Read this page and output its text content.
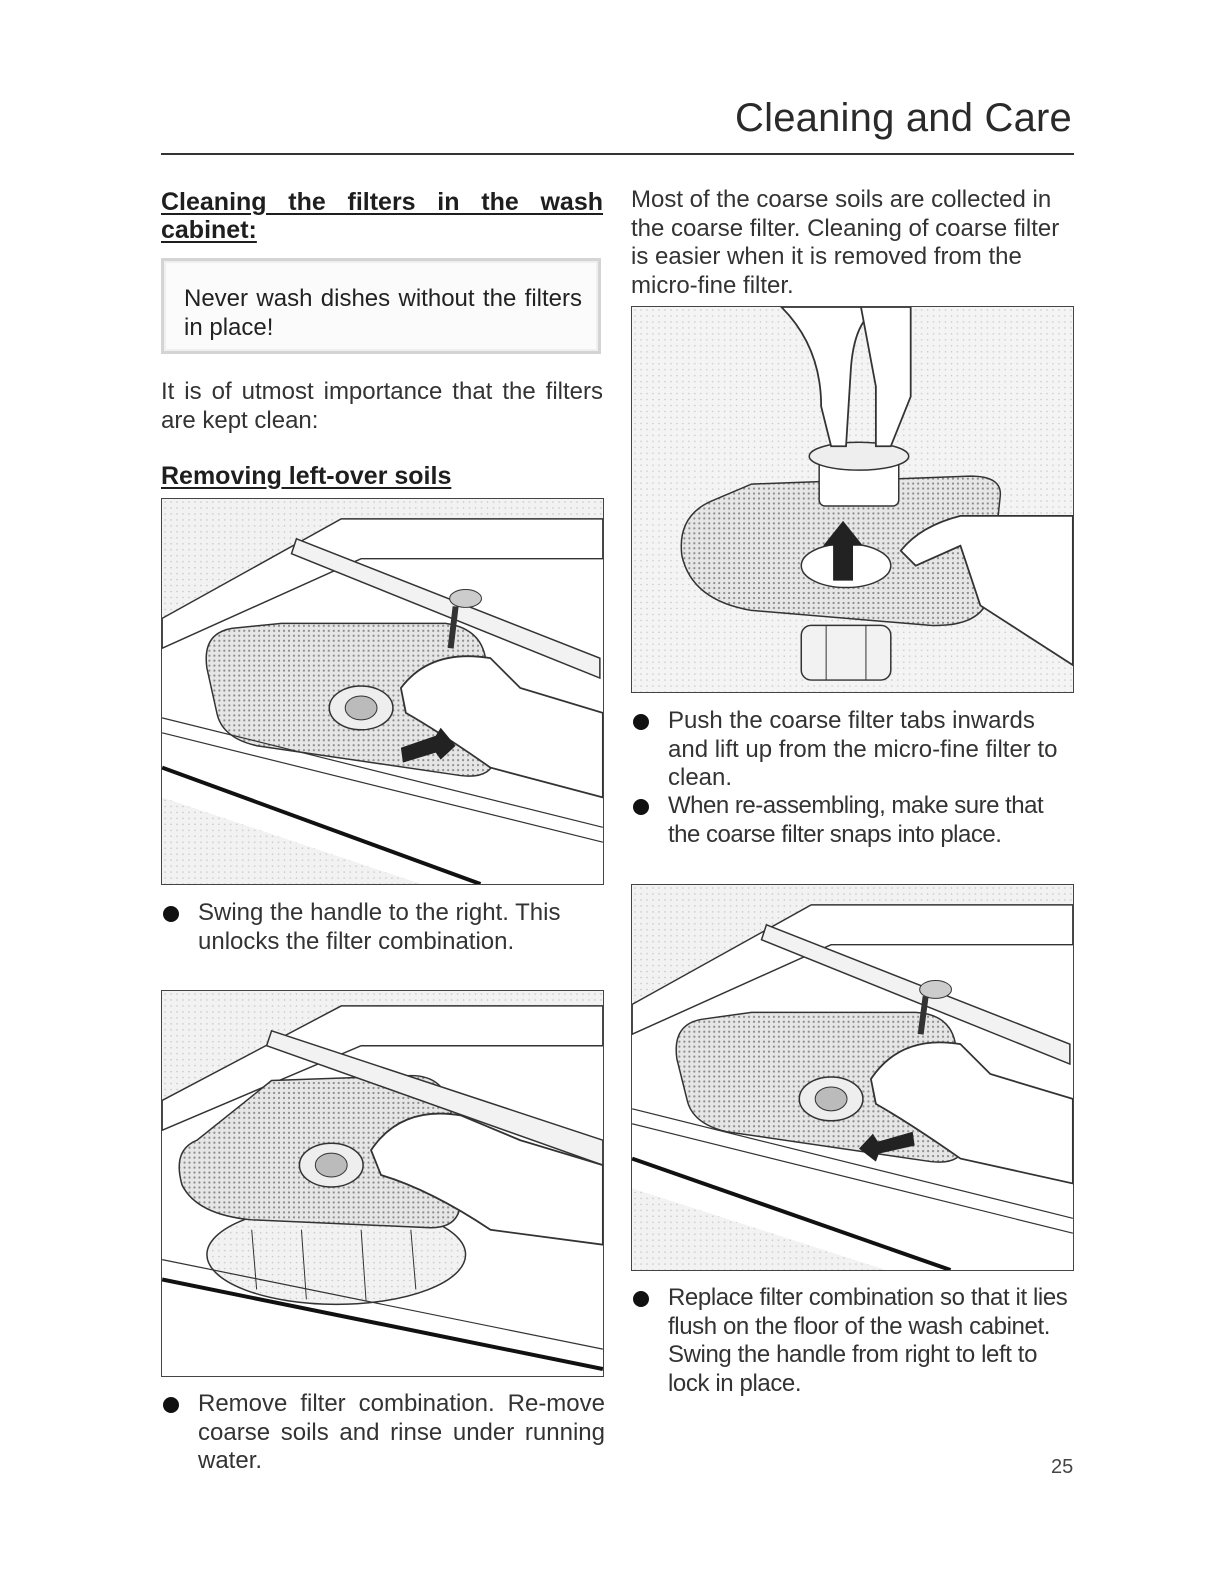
Cleaning and Care
Cleaning the filters in the wash cabinet:
Never wash dishes without the filters in place!
It is of utmost importance that the filters are kept clean:
Removing left-over soils
Swing the handle to the right. This unlocks the filter combination.
Remove filter combination. Re-move coarse soils and rinse under running water.
Most of the coarse soils are collected in the coarse filter. Cleaning of coarse filter is easier when it is removed from the micro-fine filter.
Push the coarse filter tabs inwards and lift up from the micro-fine filter to clean.
When re-assembling, make sure that the coarse filter snaps into place.
Replace filter combination so that it lies flush on the floor of the wash cabinet. Swing the handle from right to left to lock in place.
25
